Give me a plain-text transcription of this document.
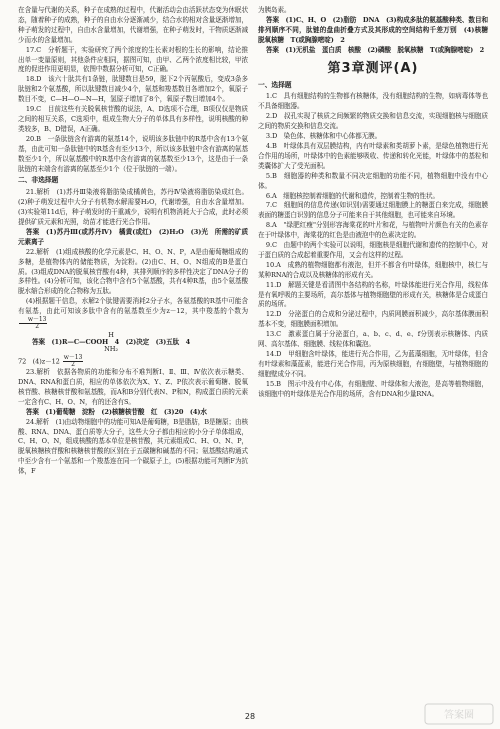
在含量与代谢的关系，种子在成熟的过程中，代谢活动会由活跃状态变为休眠状态，随着种子的成熟，种子的自由水分逐渐减少，结合水的相对含量逐渐增加，种子萌发的过程中，自由水含量增加，代谢增强，在种子萌发时，干物质逐渐减少而水的含量增加。

17.C　分析题干，实验研究了两个浓度的生长素对根的生长的影响，结论推出单一变量原则，其他条件应相同，据图可知，由甲、乙两个浓度相比较，甲浓度的促进作用更明显，依图中数据分析可知，C正确。

18.D　该六十肽共有1条链，肽键数目是59，脱下2个丙氨酸后，变成3条多肽链和2个氨基酸，所以肽键数目减少4个，氨基和羧基数目各增加2个，氧原子数目不变，C—H—O—N—H，氢原子增加了8个，氧原子数目增加4个。

19.C　目前这些有关脱氧核苷酸的说法，A、D选项不合理，B项仅仅是物质之间的相互关系，C选项中，组成生物大分子的单体具有多样性，说明核酸的种类较多，B、D错误，A正确。

20.B　一条肽链含有游离的氨基14个，说明该多肽链中的R基中含有13个氨基，由此可知一条肽链中的R基含有至少13个，所以该多肽链中含有游离的氨基数至少1个，所以氨基酸中的R基中含有游离的氨基数至少13个，这是由于一条肽链的末端含有游离的氨基至少1个（位于肽链的一端）。

二、非选择题

21.解析　(1)苏丹Ⅲ染液将脂肪染成橘黄色，苏丹Ⅳ染液将脂肪染成红色。(2)种子萌发过程中大分子有机物水解需要H₂O，代谢增强，自由水含量增加。(3)实验第11d后，种子萌发时的干重减少，说明有机物消耗大于合成，此时必须提供矿质元素和光照，幼苗才能进行光合作用。

答案　(1)苏丹Ⅲ(或苏丹Ⅳ)　橘黄(或红)　(2)H₂O　(3)光　所需的矿质元素离子

22.解析　(1)组成核酸的化学元素是C、H、O、N、P，A是由葡萄糖组成的多糖，是植物体内的储能物质，为淀粉。(2)由C、H、O、N组成的B是蛋白质。(3)组成DNA的脱氧核苷酸有4种，其排列顺序的多样性决定了DNA分子的多样性。(4)分析可知，该化合物中含有5个氨基酸，共有4种R基，由5个氨基酸脱水缩合形成的化合物称为五肽。

(4)根据题干信息，水解2个肽键需要消耗2分子水，各氨基酸的R基中可能含有氨基，由此可知该多肽中含有的氨基数至少为z－12，其中羧基的个数为
$\frac{w-13}{2}$

H
答案　(1)R—C—COOH　4　(2)决定　(3)五肽　4
NH₂

72　$(4)z-12 \frac{w-13}{2}$

23.解析　依据各物质的功能和分布不难判断Ⅰ、Ⅱ、Ⅲ、Ⅳ依次表示糖类、DNA、RNA和蛋白质，相应的单体依次为X、Y、Z、P依次表示葡萄糖、脱氧核苷酸、核糖核苷酸和氨基酸，而A和B分别代表N、P和N，构成蛋白质的元素一定含有C、H、O、N，有的还含有S。

答案　(1)葡萄糖　淀粉　(2)核糖核苷酸　红　(3)20　(4)水

24.解析　(1)由动物细胞中的功能可知A是葡萄糖，B是脂肪，B是糖原；由核酸、RNA、DNA、蛋白质等大分子，这些大分子都由相应的小分子单体组成，C、H、O、N，组成核酸的基本单位是核苷酸，其元素组成C、H、O、N、P，脱氧核糖核苷酸和核糖核苷酸的区别在于五碳糖和碱基的不同；氨基酸结构通式中至少含有一个氨基和一个羧基连在同一个碳原子上，(5)根据功能可判断F为抗体，F

为胰岛素。

答案　(1)C、H、O　(2)脂肪　DNA　(3)构成多肽的氨基酸种类、数目和排列顺序不同，肽链的盘曲折叠方式及其形成的空间结构千差万别　(4)核糖　脱氧核糖　T(或胸腺嘧啶)　2

答案　(1)无机盐　蛋白质　核酸　(2)磷酸　脱氧核糖　T(或胸腺嘧啶)　2

第3章测评(A)
一、选择题

1.C　具有细胞结构的生物都有核糖体，没有细胞结构的生物，如病毒体等也不具备细胞器。

2.D　叔孔实现了核质之间频繁的物质交换和信息交流，实现细胞核与细胞质之间的物质交换和信息交流。

3.D　染色体、核糖体和中心体都无膜。

4.B　叶绿体具有双层膜结构，内有叶绿素和类胡萝卜素，是绿色植物进行光合作用的场所，叶绿体中的色素能够吸收、传递和转化光能，叶绿体中的基粒和类囊体扩大了受光面积。

5.B　细胞器的种类和数量不同决定细胞的功能不同，植物细胞中没有中心体。

6.A　细胞核控制着细胞的代谢和遗传，控制着生物的性状。

7.C　细胞间的信息传递(如识别)需要通过细胞膜上的糖蛋白来完成，细胞膜表面的糖蛋白识别的信息分子可能来自于其他细胞，也可能来自环境。

8.A　"绿肥红瘦"分别形容海棠花的叶片和花，与植物叶片颜色有关的色素存在于叶绿体中，海棠花的红色是由液泡中的色素决定的。

9.C　由题中的两个实验可以说明，细胞核是细胞代谢和遗传的控制中心，对于蛋白质的合成起着重要作用，又会有这样的过程。

10.A　成熟的植物细胞都有液泡，但并不都含有叶绿体，细胞核中，核仁与某种RNA的合成以及核糖体的形成有关。

11.D　解题关键是看清图中各结构的名称，叶绿体能进行光合作用，线粒体是有氧呼吸的主要场所，高尔基体与植物细胞壁的形成有关，核糖体是合成蛋白质的场所。

12.D　分泌蛋白的合成和分泌过程中，内质网膜面积减少，高尔基体膜面积基本不变，细胞膜面积增加。

13.C　激素蛋白属于分泌蛋白，a、b、c、d、e、f分别表示核糖体、内质网、高尔基体、细胞膜、线粒体和囊泡。

14.D　甲细胞含叶绿体，能进行光合作用，乙为蓝藻细胞，无叶绿体，但含有叶绿素和藻蓝素，能进行光合作用，丙为原核细胞，有细胞壁，与植物细胞的细胞壁成分不同。

15.B　图示中没有中心体，有细胞壁、叶绿体和大液泡，是高等植物细胞，该细胞中的叶绿体是光合作用的场所，含有DNA和少量RNA。

28	答案圈
